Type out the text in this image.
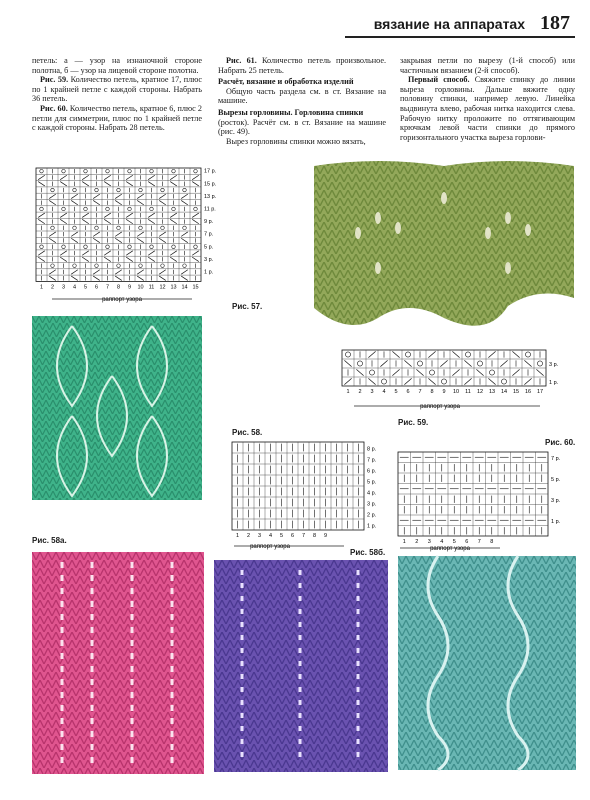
вязание на аппаратах 187

петель: а — узор на изнаночной стороне полотна, б — узор на лицевой стороне полотна.

Рис. 59. Количество петель, кратное 17, плюс по 1 крайней петле с каждой стороны. Набрать 36 петель.

Рис. 60. Количество петель, кратное 6, плюс 2 петли для симметрии, плюс по 1 крайней петле с каждой стороны. Набрать 28 петель.

Рис. 61. Количество петель произвольное. Набрать 25 петель.

Расчёт, вязание и обработка изделий

Общую часть раздела см. в ст. Вязание на машине.

Вырезы горловины. Горловина спинки

(росток). Расчёт см. в ст. Вязание на машине (рис. 49).

Вырез горловины спинки можно вязать,

закрывая петли по вырезу (1-й способ) или частичным вязанием (2-й способ).

Первый способ. Свяжите спинку до линии выреза горловины. Дальше вяжите одну половину спинки, например левую. Линейка выдвинута влево, рабочая нитка находится слева. Рабочую нитку проложите по оттягивающим крючкам левой части спинки до прямого горизонтального участка выреза горлови-

17 р.
15 р.
13 р.
11 р.
9 р.
7 р.
5 р.
3 р.
1 р.
1 2 3 4 5 6 7 8 9 10 11 12 13 14 15
раппорт узора
Рис. 57.
3 р.
1 р.
1 2 3 4 5 6 7 8 9 10 11 12 13 14 15 16 17
раппорт узора
Рис. 59.
Рис. 58.
8 р.
7 р.
6 р.
5 р.
4 р.
3 р.
2 р.
1 р.
1 2 3 4 5 6 7 8 9
раппорт узора
Рис. 60.
7 р.
5 р.
3 р.
1 р.
1 2 3 4 5 6 7 8
раппорт узора
Рис. 58а.
Рис. 58б.
